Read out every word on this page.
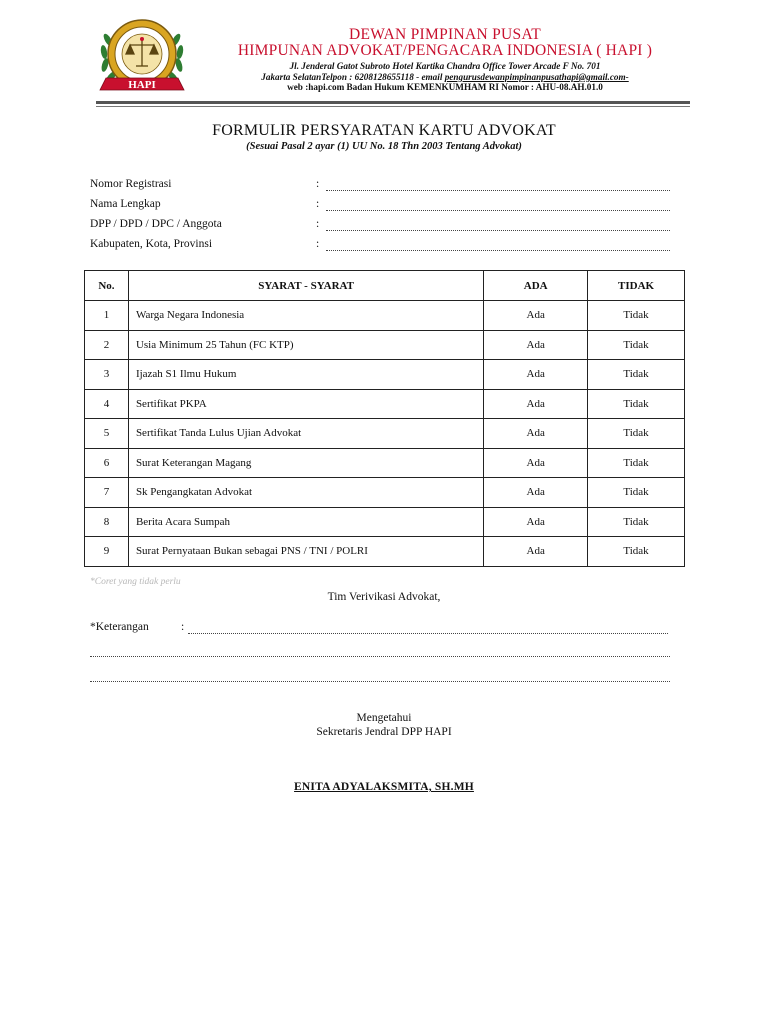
HAPI
DEWAN PIMPINAN PUSAT
HIMPUNAN ADVOKAT/PENGACARA INDONESIA ( HAPI )
Jl. Jenderal Gatot Subroto Hotel Kartika Chandra Office Tower Arcade F No. 701
Jakarta SelatanTelpon : 6208128655118 - email pengurusdewanpimpinanpusathapi@gmail.com-
web :hapi.com Badan Hukum KEMENKUMHAM RI Nomor : AHU-08.AH.01.0
FORMULIR PERSYARATAN KARTU ADVOKAT
(Sesuai Pasal 2 ayar (1) UU No. 18 Thn 2003 Tentang Advokat)
Nomor Registrasi	:
Nama Lengkap	:
DPP / DPD / DPC / Anggota	:
Kabupaten, Kota, Provinsi	:
No.	SYARAT - SYARAT	ADA	TIDAK
1	Warga Negara Indonesia	Ada	Tidak
2	Usia Minimum 25 Tahun (FC KTP)	Ada	Tidak
3	Ijazah S1 Ilmu Hukum	Ada	Tidak
4	Sertifikat PKPA	Ada	Tidak
5	Sertifikat Tanda Lulus Ujian Advokat	Ada	Tidak
6	Surat Keterangan Magang	Ada	Tidak
7	Sk Pengangkatan Advokat	Ada	Tidak
8	Berita Acara Sumpah	Ada	Tidak
9	Surat Pernyataan Bukan sebagai PNS / TNI / POLRI	Ada	Tidak
*Coret yang tidak perlu
Tim Verivikasi Advokat,
*Keterangan	:
Mengetahui
Sekretaris Jendral DPP HAPI
ENITA ADYALAKSMITA, SH.MH
